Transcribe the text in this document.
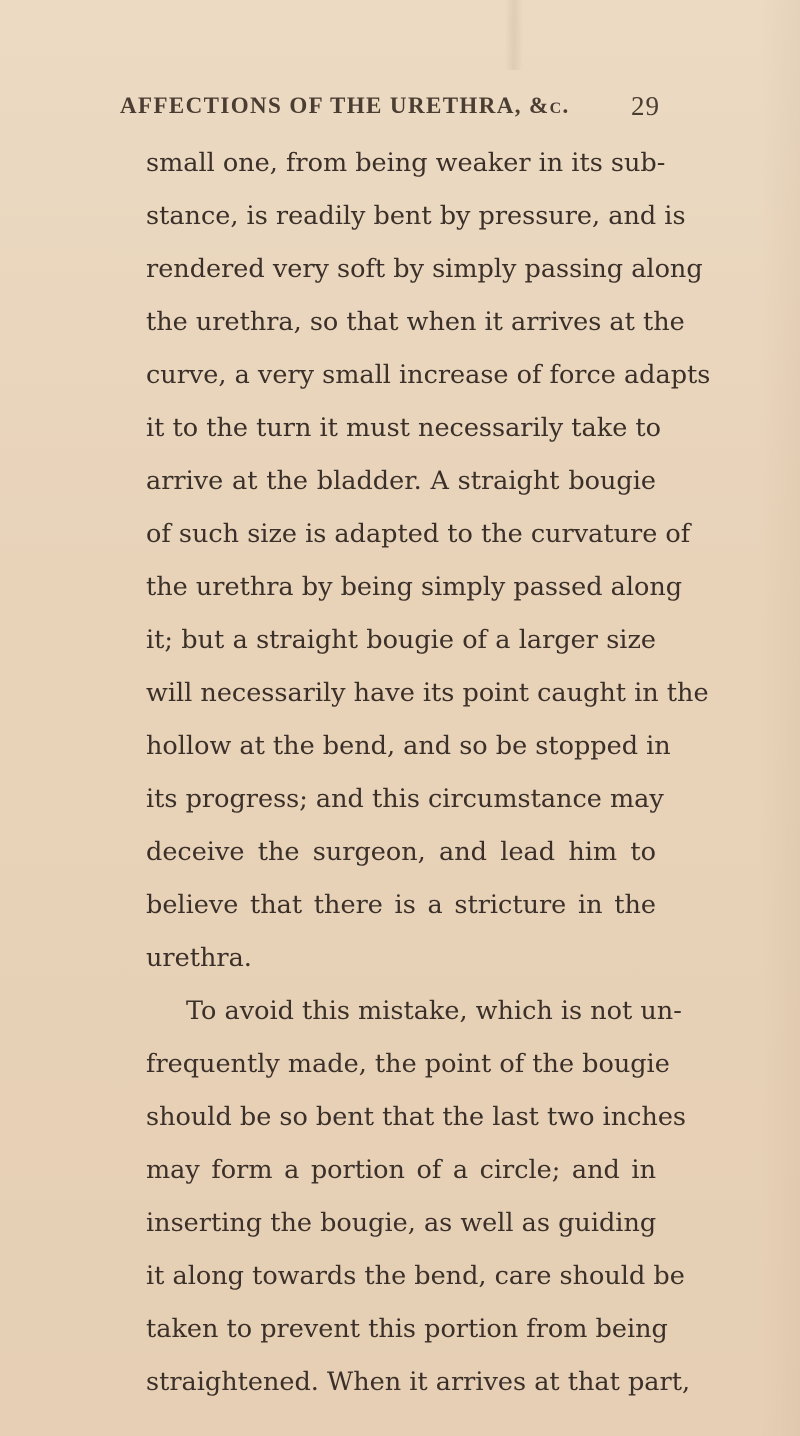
AFFECTIONS OF THE URETHRA, &c. 29
small one, from being weaker in its sub-
stance, is readily bent by pressure, and is
rendered very soft by simply passing along
the urethra, so that when it arrives at the
curve, a very small increase of force adapts
it to the turn it must necessarily take to
arrive at the bladder. A straight bougie
of such size is adapted to the curvature of
the urethra by being simply passed along
it; but a straight bougie of a larger size
will necessarily have its point caught in the
hollow at the bend, and so be stopped in
its progress; and this circumstance may
deceive the surgeon, and lead him to
believe that there is a stricture in the
urethra.
To avoid this mistake, which is not un-
frequently made, the point of the bougie
should be so bent that the last two inches
may form a portion of a circle; and in
inserting the bougie, as well as guiding
it along towards the bend, care should be
taken to prevent this portion from being
straightened. When it arrives at that part,
